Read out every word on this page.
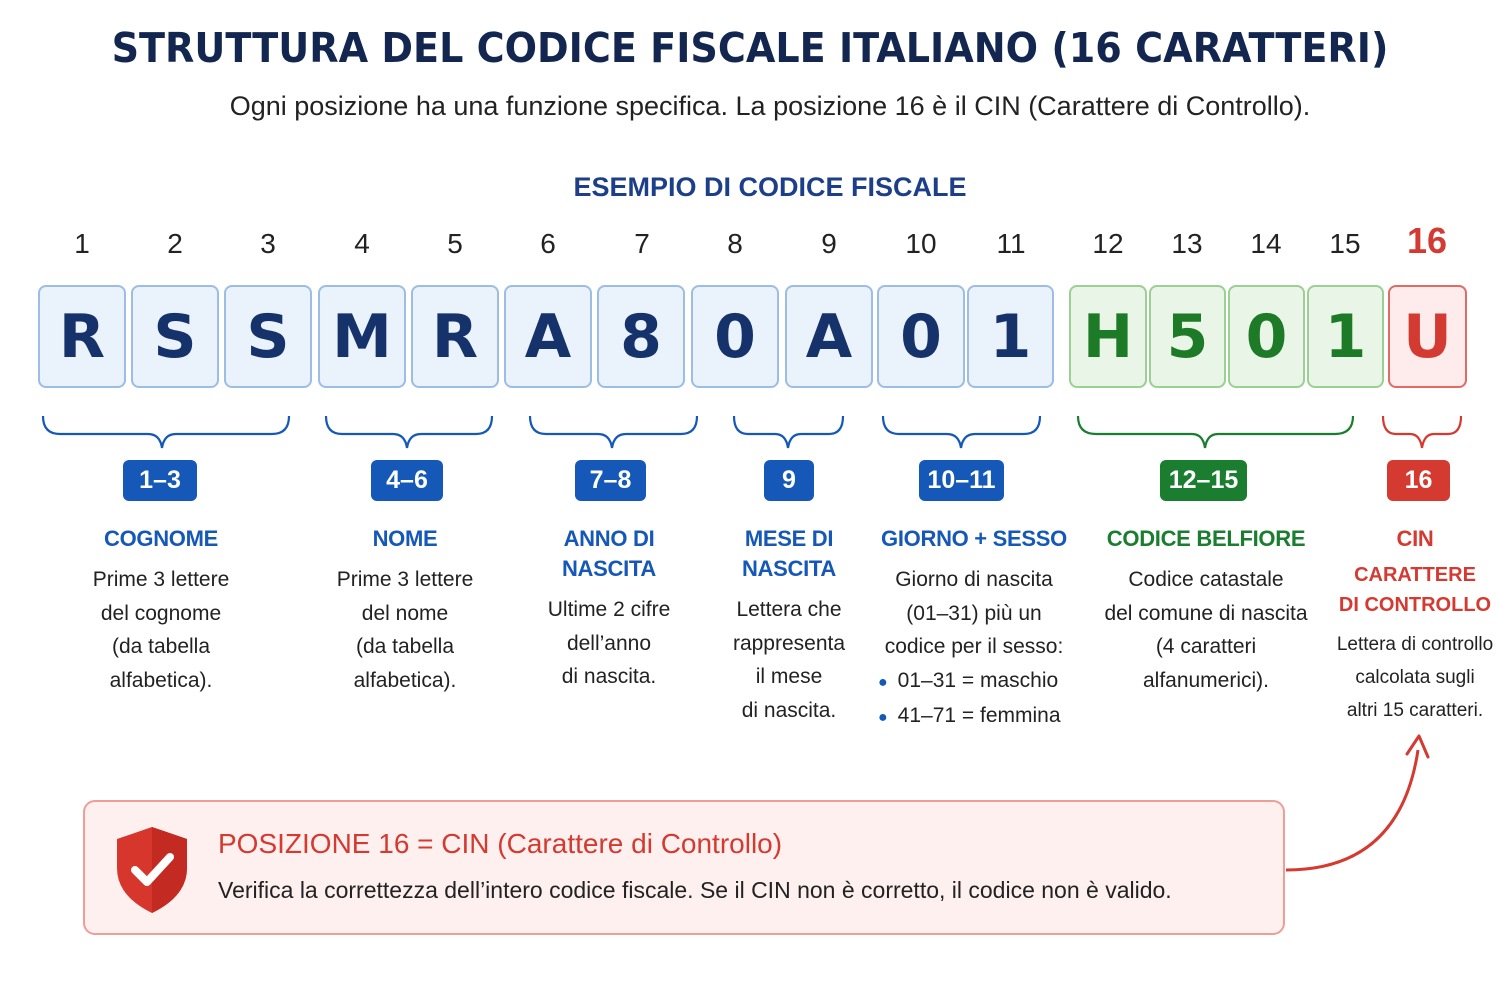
STRUTTURA DEL CODICE FISCALE ITALIANO (16 CARATTERI)
Ogni posizione ha una funzione specifica. La posizione 16 è il CIN (Carattere di Controllo).
ESEMPIO DI CODICE FISCALE
1	2	3	4	5	6	7	8	9	10	11	12	13	14	15	16
R S S M R A 8 0 A 0 1 H 5 0 1 U
1–3	4–6	7–8	9	10–11	12–15	16
COGNOME
Prime 3 lettere
del cognome
(da tabella
alfabetica).
NOME
Prime 3 lettere
del nome
(da tabella
alfabetica).
ANNO DI NASCITA
Ultime 2 cifre
dell’anno
di nascita.
MESE DI NASCITA
Lettera che
rappresenta
il mese
di nascita.
GIORNO + SESSO
Giorno di nascita
(01–31) più un
codice per il sesso:
● 01–31 = maschio
● 41–71 = femmina
CODICE BELFIORE
Codice catastale
del comune di nascita
(4 caratteri
alfanumerici).
CIN
CARATTERE
DI CONTROLLO
Lettera di controllo
calcolata sugli
altri 15 caratteri.
POSIZIONE 16 = CIN (Carattere di Controllo)
Verifica la correttezza dell’intero codice fiscale. Se il CIN non è corretto, il codice non è valido.
